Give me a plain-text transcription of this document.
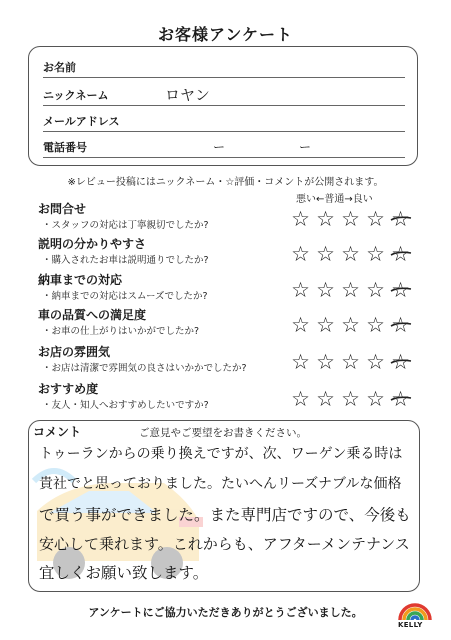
お客様アンケート
お名前
ニックネーム	ロヤン
メールアドレス
電話番号	ー	ー
※レビュー投稿にはニックネーム・☆評価・コメントが公開されます。
悪い←普通→良い
お問合せ
・スタッフの対応は丁寧親切でしたか?	☆ ☆ ☆ ☆ ☆
説明の分かりやすさ
・購入されたお車は説明通りでしたか?	☆ ☆ ☆ ☆ ☆
納車までの対応
・納車までの対応はスムーズでしたか?	☆ ☆ ☆ ☆ ☆
車の品質への満足度
・お車の仕上がりはいかがでしたか?	☆ ☆ ☆ ☆ ☆
お店の雰囲気
・お店は清潔で雰囲気の良さはいかかでしたか? ☆ ☆ ☆ ☆ ☆
おすすめ度
・友人・知人へおすすめしたいですか?	☆ ☆ ☆ ☆ ☆
コメント	ご意見やご要望をお書きください。
トゥーランからの乗り換えですが、次、ワーゲン乗る時は
貴社でと思っておりました。たいへんリーズナブルな価格
で買う事ができました。また専門店ですので、今後も
安心して乗れます。これからも、アフターメンテナンス
宜しくお願い致します。
アンケートにご協力いただきありがとうございました。
KELLY
